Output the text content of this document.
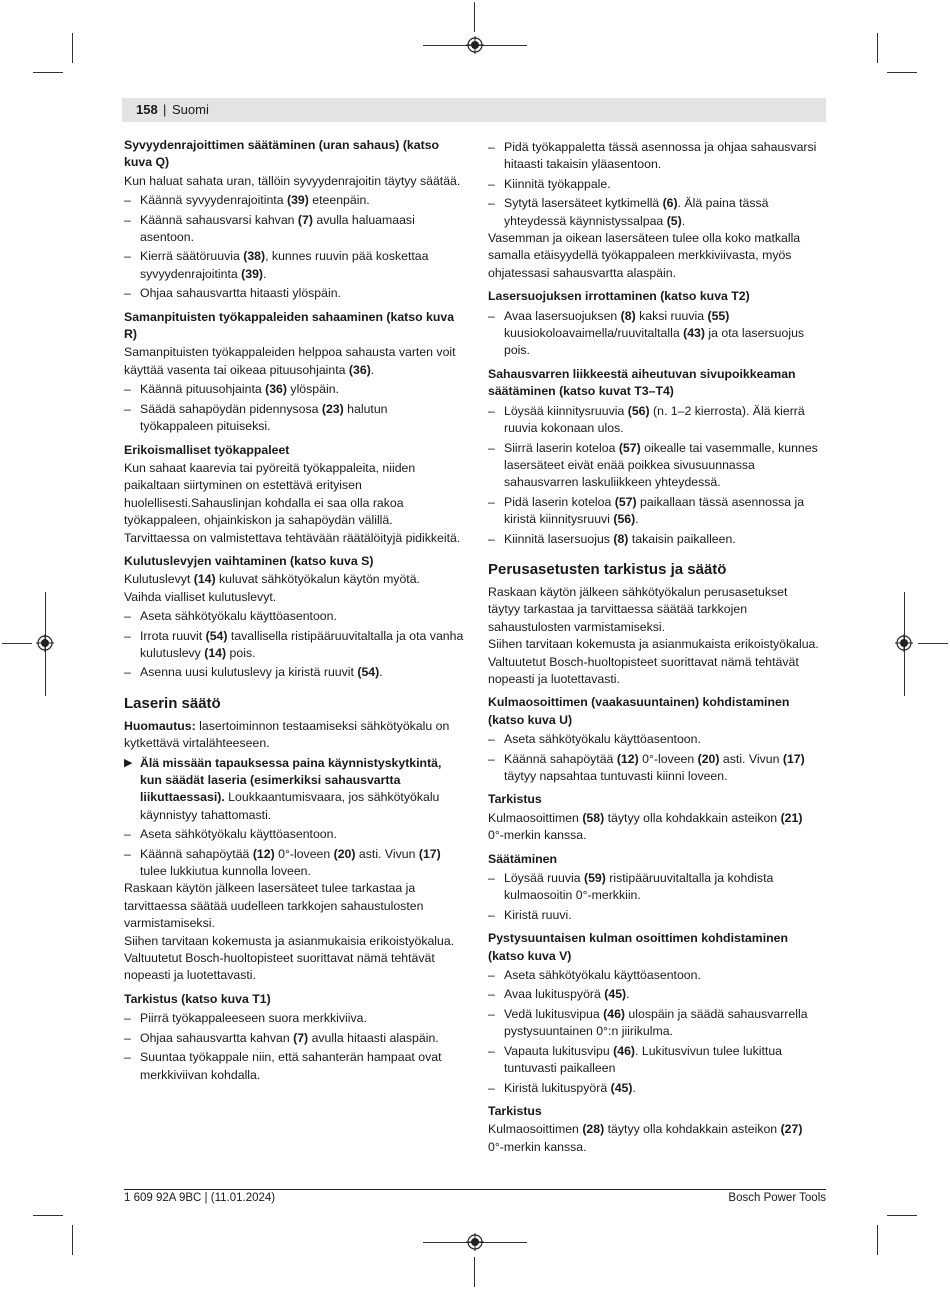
158 | Suomi
Syvyydenrajoittimen säätäminen (uran sahaus) (katso kuva Q)

Kun haluat sahata uran, tällöin syvyydenrajoitin täytyy säätää.

– Käännä syvyydenrajoitinta (39) eteenpäin.
– Käännä sahausvarsi kahvan (7) avulla haluamaasi asentoon.
– Kierrä säätöruuvia (38), kunnes ruuvin pää koskettaa syvyydenrajoitinta (39).
– Ohjaa sahausvartta hitaasti ylöspäin.
Samanpituisten työkappaleiden sahaaminen (katso kuva R)

Samanpituisten työkappaleiden helppoa sahausta varten voit käyttää vasenta tai oikeaa pituusohjainta (36).

– Käännä pituusohjainta (36) ylöspäin.
– Säädä sahapöydän pidennysosa (23) halutun työkappaleen pituiseksi.
Erikoismalliset työkappaleet

Kun sahaat kaarevia tai pyöreitä työkappaleita, niiden paikaltaan siirtyminen on estettävä erityisen huolellisesti.Sahauslinjan kohdalla ei saa olla rakoa työkappaleen, ohjainkiskon ja sahapöydän välillä.

Tarvittaessa on valmistettava tehtävään räätälöityjä pidikkeitä.

Kulutuslevyjen vaihtaminen (katso kuva S)

Kulutuslevyt (14) kuluvat sähkötyökalun käytön myötä.

Vaihda vialliset kulutuslevyt.

– Aseta sähkötyökalu käyttöasentoon.
– Irrota ruuvit (54) tavallisella ristipääruuvitaltalla ja ota vanha kulutuslevy (14) pois.
– Asenna uusi kulutuslevy ja kiristä ruuvit (54).
Laserin säätö

Huomautus: lasertoiminnon testaamiseksi sähkötyökalu on kytkettävä virtalähteeseen.

▶ Älä missään tapauksessa paina käynnistyskytkintä, kun säädät laseria (esimerkiksi sahausvartta liikuttaessasi). Loukkaantumisvaara, jos sähkötyökalu käynnistyy tahattomasti.
– Aseta sähkötyökalu käyttöasentoon.
– Käännä sahapöytää (12) 0°-loveen (20) asti. Vivun (17) tulee lukkiutua kunnolla loveen.

Raskaan käytön jälkeen lasersäteet tulee tarkastaa ja tarvittaessa säätää uudelleen tarkkojen sahaustulosten varmistamiseksi.

Siihen tarvitaan kokemusta ja asianmukaisia erikoistyökalua.

Valtuutetut Bosch-huoltopisteet suorittavat nämä tehtävät nopeasti ja luotettavasti.

Tarkistus (katso kuva T1)
– Piirrä työkappaleeseen suora merkkiviiva.
– Ohjaa sahausvartta kahvan (7) avulla hitaasti alaspäin.
– Suuntaa työkappale niin, että sahanterän hampaat ovat merkkiviivan kohdalla.
– Pidä työkappaletta tässä asennossa ja ohjaa sahausvarsi hitaasti takaisin yläasentoon.
– Kiinnitä työkappale.
– Sytytä lasersäteet kytkimellä (6). Älä paina tässä yhteydessä käynnistyssalpaa (5).

Vasemman ja oikean lasersäteen tulee olla koko matkalla samalla etäisyydellä työkappaleen merkkiviivasta, myös ohjatessasi sahausvartta alaspäin.

Lasersuojuksen irrottaminen (katso kuva T2)
– Avaa lasersuojuksen (8) kaksi ruuvia (55) kuusiokoloavaimella/ruuvitaltalla (43) ja ota lasersuojus pois.
Sahausvarren liikkeestä aiheutuvan sivupoikkeaman säätäminen (katso kuvat T3–T4)
– Löysää kiinnitysruuvia (56) (n. 1–2 kierrosta). Älä kierrä ruuvia kokonaan ulos.
– Siirrä laserin koteloa (57) oikealle tai vasemmalle, kunnes lasersäteet eivät enää poikkea sivusuunnassa sahausvarren laskuliikkeen yhteydessä.
– Pidä laserin koteloa (57) paikallaan tässä asennossa ja kiristä kiinnitysruuvi (56).
– Kiinnitä lasersuojus (8) takaisin paikalleen.
Perusasetusten tarkistus ja säätö

Raskaan käytön jälkeen sähkötyökalun perusasetukset täytyy tarkastaa ja tarvittaessa säätää tarkkojen sahaustulosten varmistamiseksi.

Siihen tarvitaan kokemusta ja asianmukaista erikoistyökalua.

Valtuutetut Bosch-huoltopisteet suorittavat nämä tehtävät nopeasti ja luotettavasti.

Kulmaosoittimen (vaakasuuntainen) kohdistaminen (katso kuva U)
– Aseta sähkötyökalu käyttöasentoon.
– Käännä sahapöytää (12) 0°-loveen (20) asti. Vivun (17) täytyy napsahtaa tuntuvasti kiinni loveen.
Tarkistus

Kulmaosoittimen (58) täytyy olla kohdakkain asteikon (21) 0°-merkin kanssa.

Säätäminen
– Löysää ruuvia (59) ristipääruuvitaltalla ja kohdista kulmaosoitin 0°-merkkiin.
– Kiristä ruuvi.
Pystysuuntaisen kulman osoittimen kohdistaminen (katso kuva V)
– Aseta sähkötyökalu käyttöasentoon.
– Avaa lukituspyörä (45).
– Vedä lukitusvipua (46) ulospäin ja säädä sahausvarrella pystysuuntainen 0°:n jiirikulma.
– Vapauta lukitusvipu (46). Lukitusvivun tulee lukittua tuntuvasti paikalleen
– Kiristä lukituspyörä (45).
Tarkistus

Kulmaosoittimen (28) täytyy olla kohdakkain asteikon (27) 0°-merkin kanssa.

1 609 92A 9BC | (11.01.2024)	Bosch Power Tools
